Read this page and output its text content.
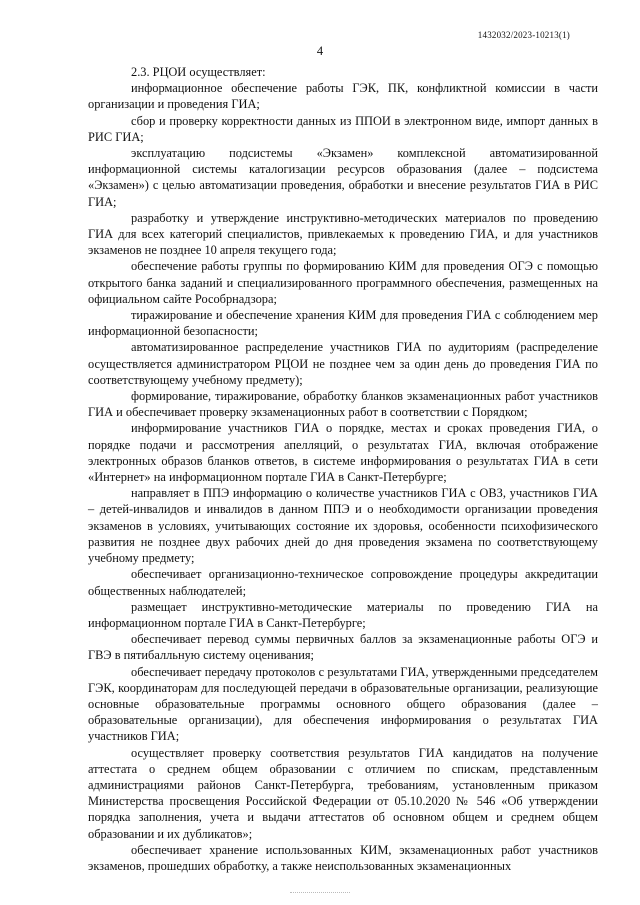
1432032/2023-10213(1)
4

2.3. РЦОИ осуществляет:

информационное обеспечение работы ГЭК, ПК, конфликтной комиссии в части организации и проведения ГИА;

сбор и проверку корректности данных из ППОИ в электронном виде, импорт данных в РИС ГИА;

эксплуатацию подсистемы «Экзамен» комплексной автоматизированной информационной системы каталогизации ресурсов образования (далее – подсистема «Экзамен») с целью автоматизации проведения, обработки и внесение результатов ГИА в РИС ГИА;

разработку и утверждение инструктивно-методических материалов по проведению ГИА для всех категорий специалистов, привлекаемых к проведению ГИА, и для участников экзаменов не позднее 10 апреля текущего года;

обеспечение работы группы по формированию КИМ для проведения ОГЭ с помощью открытого банка заданий и специализированного программного обеспечения, размещенных на официальном сайте Рособрнадзора;

тиражирование и обеспечение хранения КИМ для проведения ГИА с соблюдением мер информационной безопасности;

автоматизированное распределение участников ГИА по аудиториям (распределение осуществляется администратором РЦОИ не позднее чем за один день до проведения ГИА по соответствующему учебному предмету);

формирование, тиражирование, обработку бланков экзаменационных работ участников ГИА и обеспечивает проверку экзаменационных работ в соответствии с Порядком;

информирование участников ГИА о порядке, местах и сроках проведения ГИА, о порядке подачи и рассмотрения апелляций, о результатах ГИА, включая отображение электронных образов бланков ответов, в системе информирования о результатах ГИА в сети «Интернет» на информационном портале ГИА в Санкт-Петербурге;

направляет в ППЭ информацию о количестве участников ГИА с ОВЗ, участников ГИА – детей-инвалидов и инвалидов в данном ППЭ и о необходимости организации проведения экзаменов в условиях, учитывающих состояние их здоровья, особенности психофизического развития не позднее двух рабочих дней до дня проведения экзамена по соответствующему учебному предмету;

обеспечивает организационно-техническое сопровождение процедуры аккредитации общественных наблюдателей;

размещает инструктивно-методические материалы по проведению ГИА на информационном портале ГИА в Санкт-Петербурге;

обеспечивает перевод суммы первичных баллов за экзаменационные работы ОГЭ и ГВЭ в пятибалльную систему оценивания;

обеспечивает передачу протоколов с результатами ГИА, утвержденными председателем ГЭК, координаторам для последующей передачи в образовательные организации, реализующие основные образовательные программы основного общего образования (далее – образовательные организации), для обеспечения информирования о результатах ГИА участников ГИА;

осуществляет проверку соответствия результатов ГИА кандидатов на получение аттестата о среднем общем образовании с отличием по спискам, представленным администрациями районов Санкт-Петербурга, требованиям, установленным приказом Министерства просвещения Российской Федерации от 05.10.2020 № 546 «Об утверждении порядка заполнения, учета и выдачи аттестатов об основном общем и среднем общем образовании и их дубликатов»;

обеспечивает хранение использованных КИМ, экзаменационных работ участников экзаменов, прошедших обработку, а также неиспользованных экзаменационных
